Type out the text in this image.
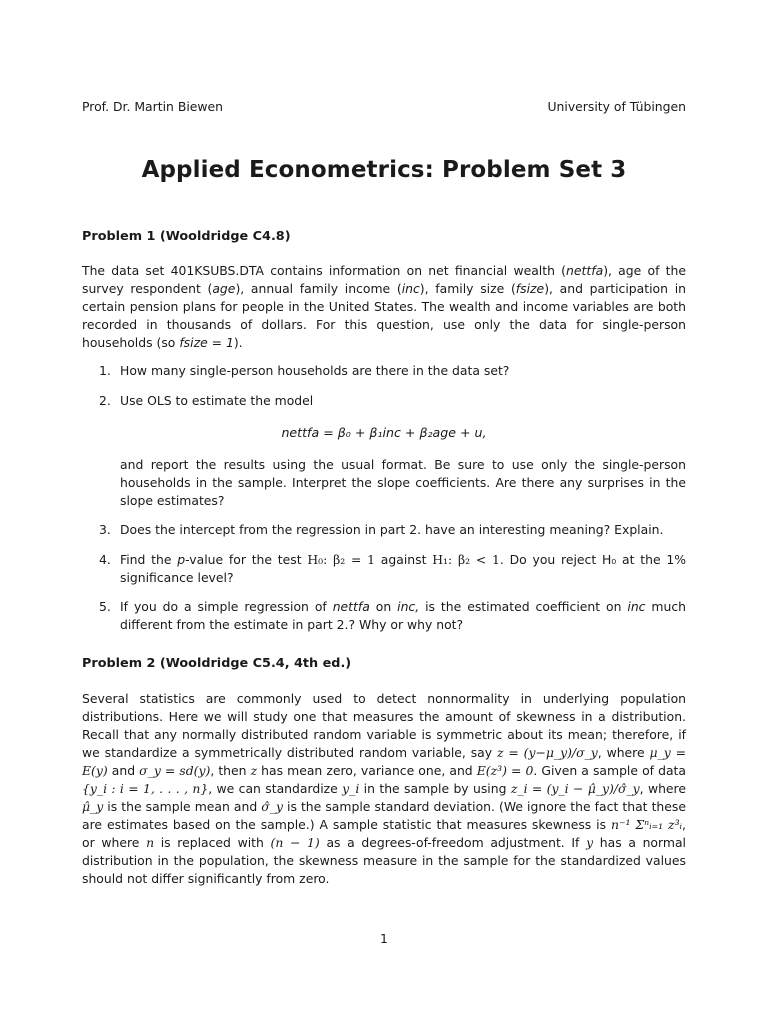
Prof. Dr. Martin Biewen	University of Tübingen
Applied Econometrics: Problem Set 3
Problem 1 (Wooldridge C4.8)
The data set 401KSUBS.DTA contains information on net financial wealth (nettfa), age of the survey respondent (age), annual family income (inc), family size (fsize), and participation in certain pension plans for people in the United States. The wealth and income variables are both recorded in thousands of dollars. For this question, use only the data for single-person households (so fsize = 1).
1. How many single-person households are there in the data set?
2. Use OLS to estimate the model
nettfa = β₀ + β₁inc + β₂age + u,
and report the results using the usual format. Be sure to use only the single-person households in the sample. Interpret the slope coefficients. Are there any surprises in the slope estimates?
3. Does the intercept from the regression in part 2. have an interesting meaning? Explain.
4. Find the p-value for the test H₀: β₂ = 1 against H₁: β₂ < 1. Do you reject H₀ at the 1% significance level?
5. If you do a simple regression of nettfa on inc, is the estimated coefficient on inc much different from the estimate in part 2.? Why or why not?
Problem 2 (Wooldridge C5.4, 4th ed.)
Several statistics are commonly used to detect nonnormality in underlying population distributions. Here we will study one that measures the amount of skewness in a distribution. Recall that any normally distributed random variable is symmetric about its mean; therefore, if we standardize a symmetrically distributed random variable, say z = (y−μ_y)/σ_y, where μ_y = E(y) and σ_y = sd(y), then z has mean zero, variance one, and E(z³) = 0. Given a sample of data {y_i : i = 1, . . . , n}, we can standardize y_i in the sample by using z_i = (y_i − μ̂_y)/σ̂_y, where μ̂_y is the sample mean and σ̂_y is the sample standard deviation. (We ignore the fact that these are estimates based on the sample.) A sample statistic that measures skewness is n⁻¹ Σⁿᵢ₌₁ z³ᵢ, or where n is replaced with (n − 1) as a degrees-of-freedom adjustment. If y has a normal distribution in the population, the skewness measure in the sample for the standardized values should not differ significantly from zero.
1
